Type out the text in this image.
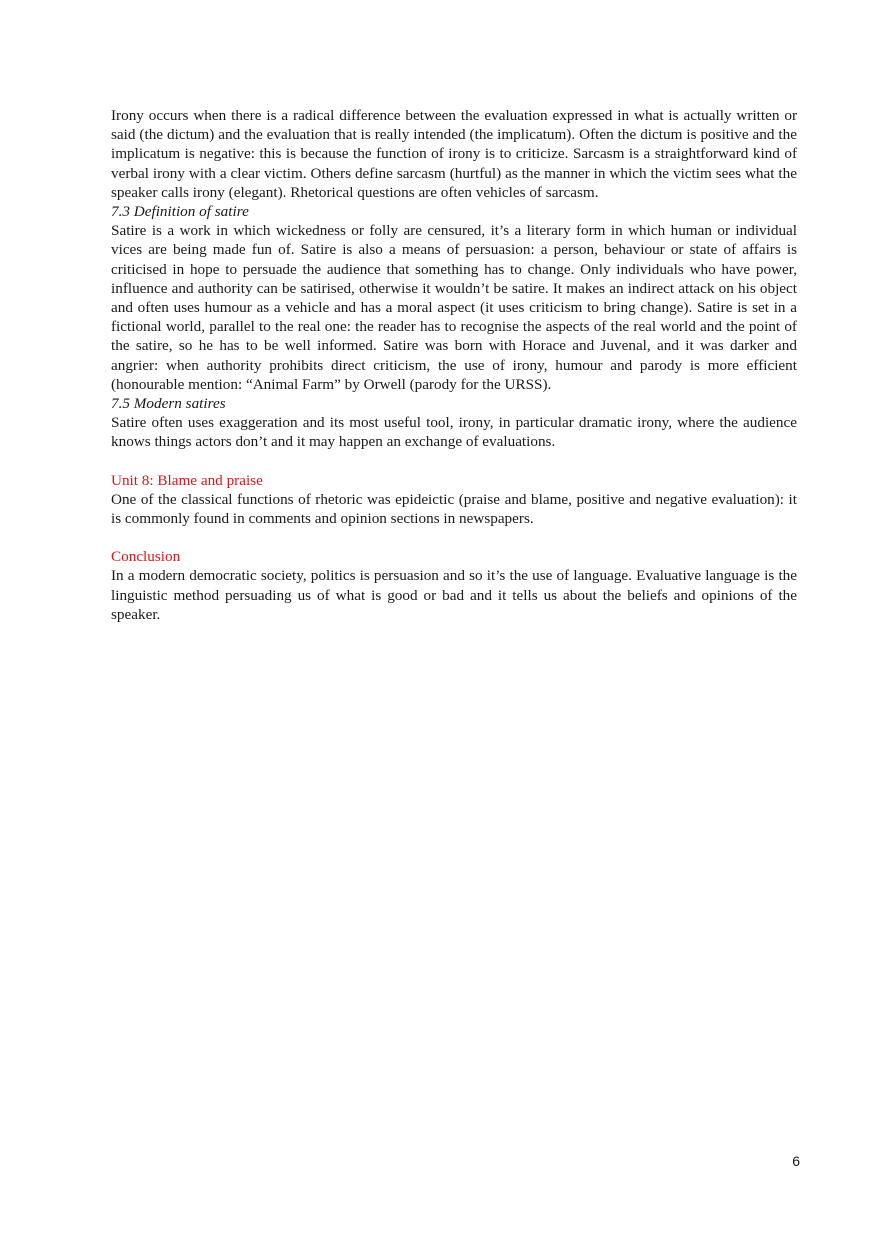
Irony occurs when there is a radical difference between the evaluation expressed in what is actually written or said (the dictum) and the evaluation that is really intended (the implicatum). Often the dictum is positive and the implicatum is negative: this is because the function of irony is to criticize. Sarcasm is a straightforward kind of verbal irony with a clear victim. Others define sarcasm (hurtful) as the manner in which the victim sees what the speaker calls irony (elegant). Rhetorical questions are often vehicles of sarcasm.

7.3 Definition of satire

Satire is a work in which wickedness or folly are censured, it’s a literary form in which human or individual vices are being made fun of. Satire is also a means of persuasion: a person, behaviour or state of affairs is criticised in hope to persuade the audience that something has to change. Only individuals who have power, influence and authority can be satirised, otherwise it wouldn’t be satire. It makes an indirect attack on his object and often uses humour as a vehicle and has a moral aspect (it uses criticism to bring change). Satire is set in a fictional world, parallel to the real one: the reader has to recognise the aspects of the real world and the point of the satire, so he has to be well informed. Satire was born with Horace and Juvenal, and it was darker and angrier: when authority prohibits direct criticism, the use of irony, humour and parody is more efficient (honourable mention: “Animal Farm” by Orwell (parody for the URSS).

7.5 Modern satires

Satire often uses exaggeration and its most useful tool, irony, in particular dramatic irony, where the audience knows things actors don’t and it may happen an exchange of evaluations.

Unit 8: Blame and praise

One of the classical functions of rhetoric was epideictic (praise and blame, positive and negative evaluation): it is commonly found in comments and opinion sections in newspapers.

Conclusion

In a modern democratic society, politics is persuasion and so it’s the use of language. Evaluative language is the linguistic method persuading us of what is good or bad and it tells us about the beliefs and opinions of the speaker.

6
